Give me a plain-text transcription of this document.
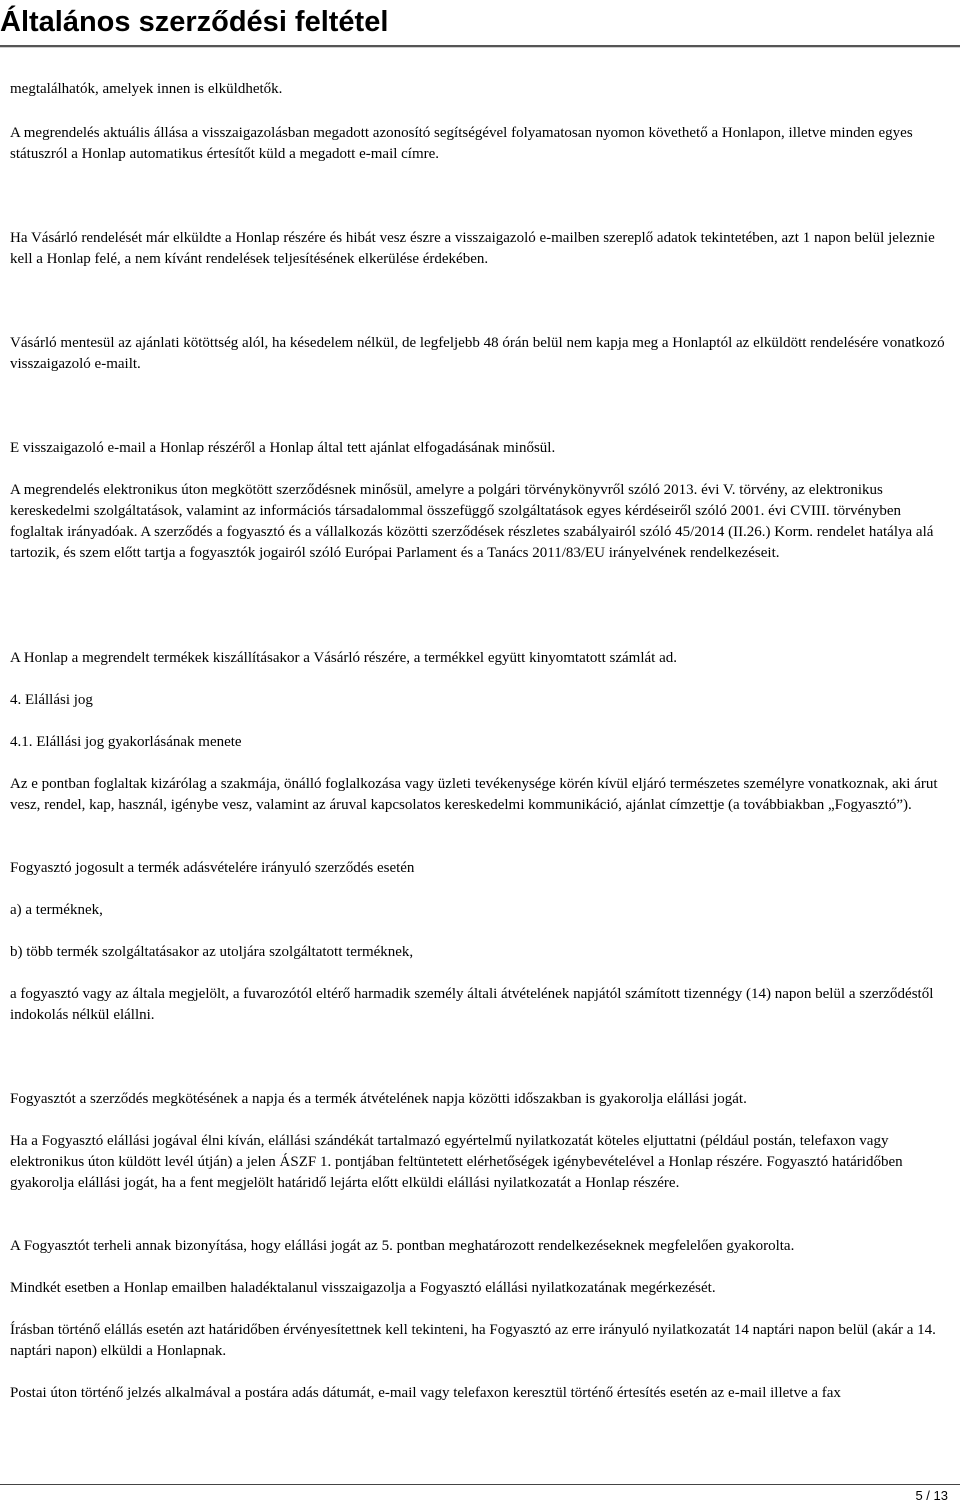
Általános szerződési feltétel

megtalálhatók, amelyek innen is elküldhetők.

A megrendelés aktuális állása a visszaigazolásban megadott azonosító segítségével folyamatosan nyomon követhető a Honlapon, illetve minden egyes státuszról a Honlap automatikus értesítőt küld a megadott e-mail címre.

Ha Vásárló rendelését már elküldte a Honlap részére és hibát vesz észre a visszaigazoló e-mailben szereplő adatok tekintetében, azt 1 napon belül jeleznie kell a Honlap felé, a nem kívánt rendelések teljesítésének elkerülése érdekében.

Vásárló mentesül az ajánlati kötöttség alól, ha késedelem nélkül, de legfeljebb 48 órán belül nem kapja meg a Honlaptól az elküldött rendelésére vonatkozó visszaigazoló e-mailt.

E visszaigazoló e-mail a Honlap részéről a Honlap által tett ajánlat elfogadásának minősül.

A megrendelés elektronikus úton megkötött szerződésnek minősül, amelyre a polgári törvénykönyvről szóló 2013. évi V. törvény, az elektronikus kereskedelmi szolgáltatások, valamint az információs társadalommal összefüggő szolgáltatások egyes kérdéseiről szóló 2001. évi CVIII. törvényben foglaltak irányadóak. A szerződés a fogyasztó és a vállalkozás közötti szerződések részletes szabályairól szóló 45/2014 (II.26.) Korm. rendelet hatálya alá tartozik, és szem előtt tartja a fogyasztók jogairól szóló Európai Parlament és a Tanács 2011/83/EU irányelvének rendelkezéseit.

A Honlap a megrendelt termékek kiszállításakor a Vásárló részére, a termékkel együtt kinyomtatott számlát ad.

4. Elállási jog

4.1. Elállási jog gyakorlásának menete

Az e pontban foglaltak kizárólag a szakmája, önálló foglalkozása vagy üzleti tevékenysége körén kívül eljáró természetes személyre vonatkoznak, aki árut vesz, rendel, kap, használ, igénybe vesz, valamint az áruval kapcsolatos kereskedelmi kommunikáció, ajánlat címzettje (a továbbiakban „Fogyasztó”).

Fogyasztó jogosult a termék adásvételére irányuló szerződés esetén

a) a terméknek,

b) több termék szolgáltatásakor az utoljára szolgáltatott terméknek,

a fogyasztó vagy az általa megjelölt, a fuvarozótól eltérő harmadik személy általi átvételének napjától számított tizennégy (14) napon belül a szerződéstől indokolás nélkül elállni.

Fogyasztót a szerződés megkötésének a napja és a termék átvételének napja közötti időszakban is gyakorolja elállási jogát.

Ha a Fogyasztó elállási jogával élni kíván, elállási szándékát tartalmazó egyértelmű nyilatkozatát köteles eljuttatni (például postán, telefaxon vagy elektronikus úton küldött levél útján) a jelen ÁSZF 1. pontjában feltüntetett elérhetőségek igénybevételével a Honlap részére. Fogyasztó határidőben gyakorolja elállási jogát, ha a fent megjelölt határidő lejárta előtt elküldi elállási nyilatkozatát a Honlap részére.

A Fogyasztót terheli annak bizonyítása, hogy elállási jogát az 5. pontban meghatározott rendelkezéseknek megfelelően gyakorolta.

Mindkét esetben a Honlap emailben haladéktalanul visszaigazolja a Fogyasztó elállási nyilatkozatának megérkezését.

Írásban történő elállás esetén azt határidőben érvényesítettnek kell tekinteni, ha Fogyasztó az erre irányuló nyilatkozatát 14 naptári napon belül (akár a 14. naptári napon) elküldi a Honlapnak.

Postai úton történő jelzés alkalmával a postára adás dátumát, e-mail vagy telefaxon keresztül történő értesítés esetén az e-mail illetve a fax

5 / 13
